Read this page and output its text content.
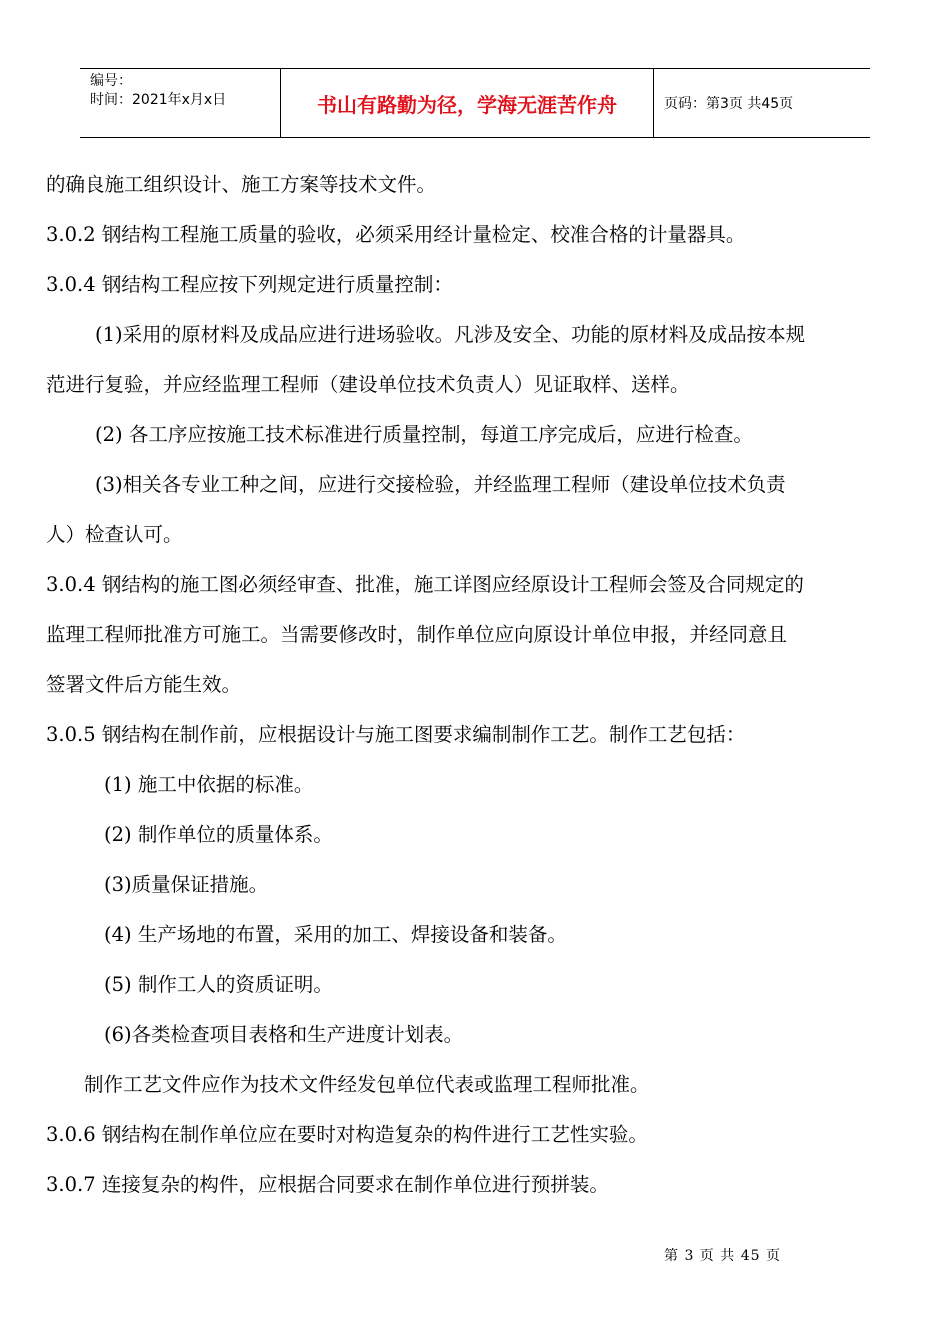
编号：
时间：2021年x月x日	书山有路勤为径，学海无涯苦作舟	页码：第3页 共45页
的确良施工组织设计、施工方案等技术文件。
3.0.2 钢结构工程施工质量的验收，必须采用经计量检定、校准合格的计量器具。
3.0.4 钢结构工程应按下列规定进行质量控制：
(1)采用的原材料及成品应进行进场验收。凡涉及安全、功能的原材料及成品按本规
范进行复验，并应经监理工程师（建设单位技术负责人）见证取样、送样。
(2) 各工序应按施工技术标准进行质量控制，每道工序完成后，应进行检查。
(3)相关各专业工种之间，应进行交接检验，并经监理工程师（建设单位技术负责
人）检查认可。
3.0.4 钢结构的施工图必须经审查、批准，施工详图应经原设计工程师会签及合同规定的
监理工程师批准方可施工。当需要修改时，制作单位应向原设计单位申报，并经同意且
签署文件后方能生效。
3.0.5 钢结构在制作前，应根据设计与施工图要求编制制作工艺。制作工艺包括：
(1) 施工中依据的标准。
(2) 制作单位的质量体系。
(3)质量保证措施。
(4) 生产场地的布置，采用的加工、焊接设备和装备。
(5) 制作工人的资质证明。
(6)各类检查项目表格和生产进度计划表。
制作工艺文件应作为技术文件经发包单位代表或监理工程师批准。
3.0.6 钢结构在制作单位应在要时对构造复杂的构件进行工艺性实验。
3.0.7 连接复杂的构件，应根据合同要求在制作单位进行预拼装。
第 3 页 共 45 页
